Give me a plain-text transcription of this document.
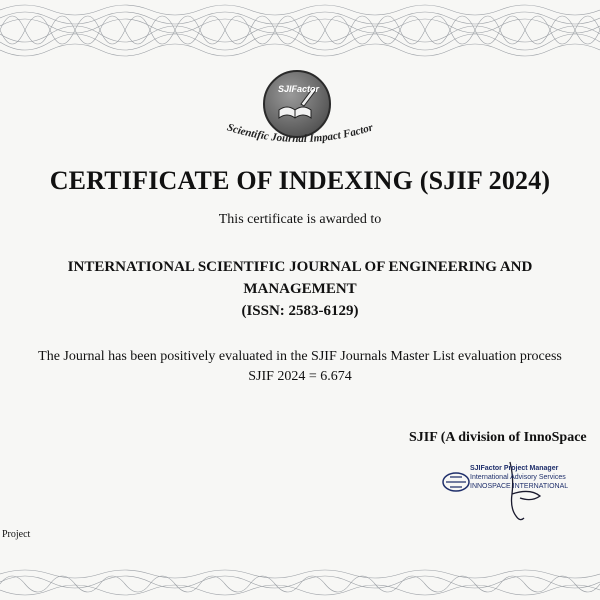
SJIFactor
Scientific Journal Impact Factor
CERTIFICATE OF INDEXING (SJIF 2024)
This certificate is awarded to
INTERNATIONAL SCIENTIFIC JOURNAL OF ENGINEERING AND
MANAGEMENT
(ISSN: 2583-6129)
The Journal has been positively evaluated in the SJIF Journals Master List evaluation process
SJIF 2024 = 6.674
SJIF (A division of InnoSpace
SJIFactor Project Manager
International Advisory Services
INNOSPACE INTERNATIONAL
Project
